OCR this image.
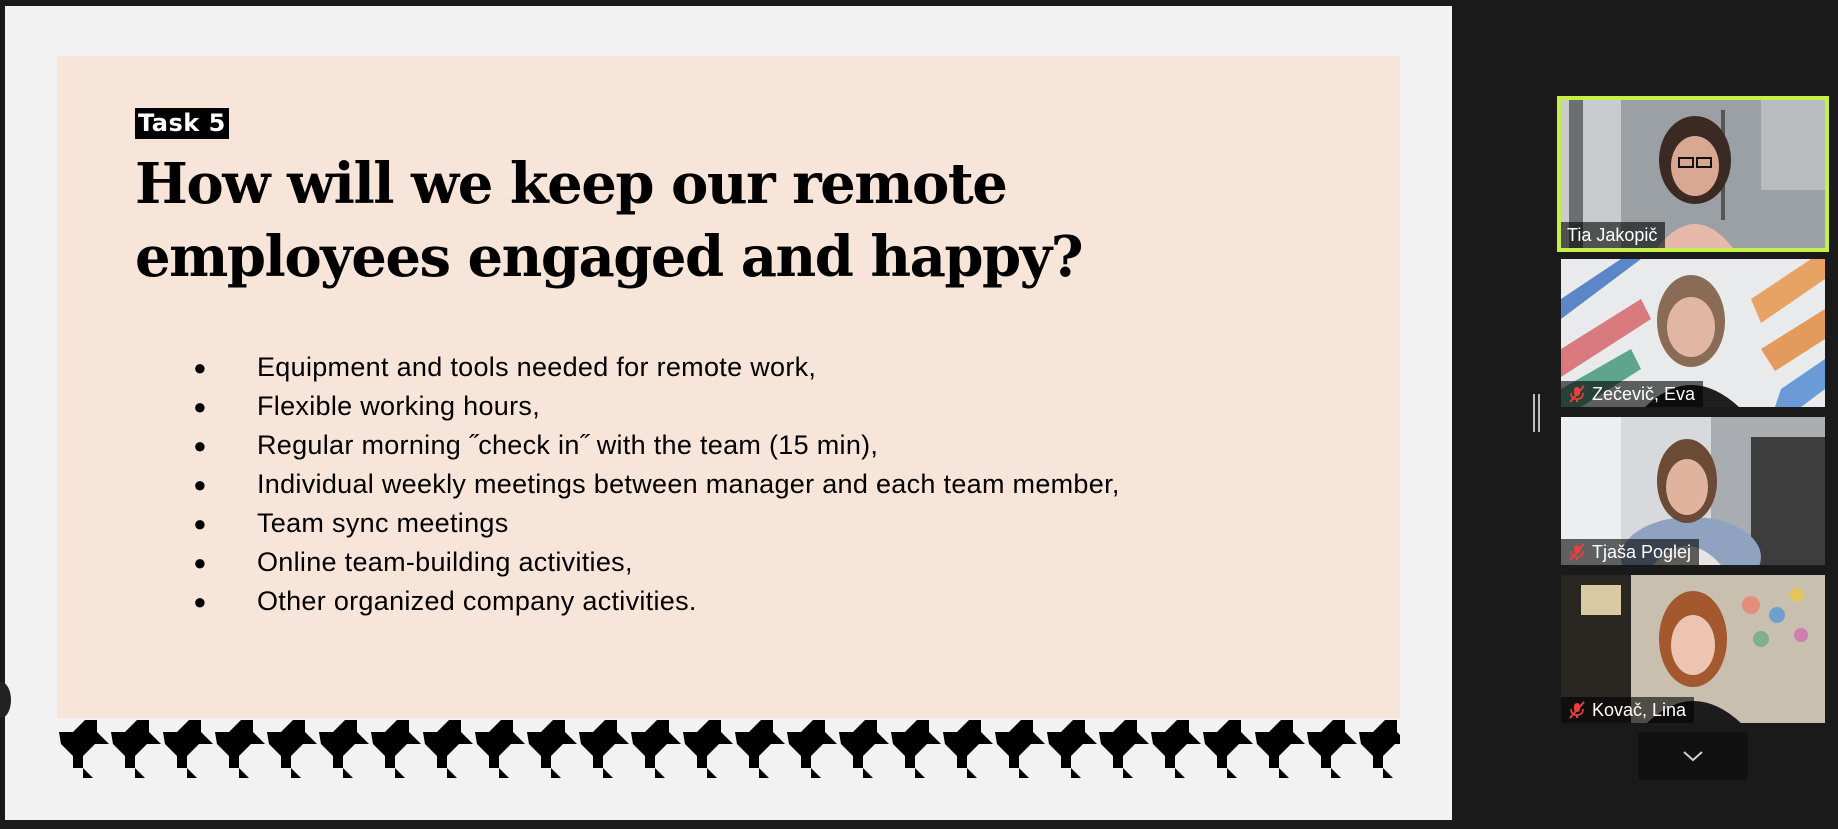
Task 5
How will we keep our remote employees engaged and happy?
● Equipment and tools needed for remote work,
● Flexible working hours,
● Regular morning ˝check in˝ with the team (15 min),
● Individual weekly meetings between manager and each team member,
● Team sync meetings
● Online team-building activities,
● Other organized company activities.
Tia Jakopič
Zečevič, Eva
Tjaša Poglej
Kovač, Lina
